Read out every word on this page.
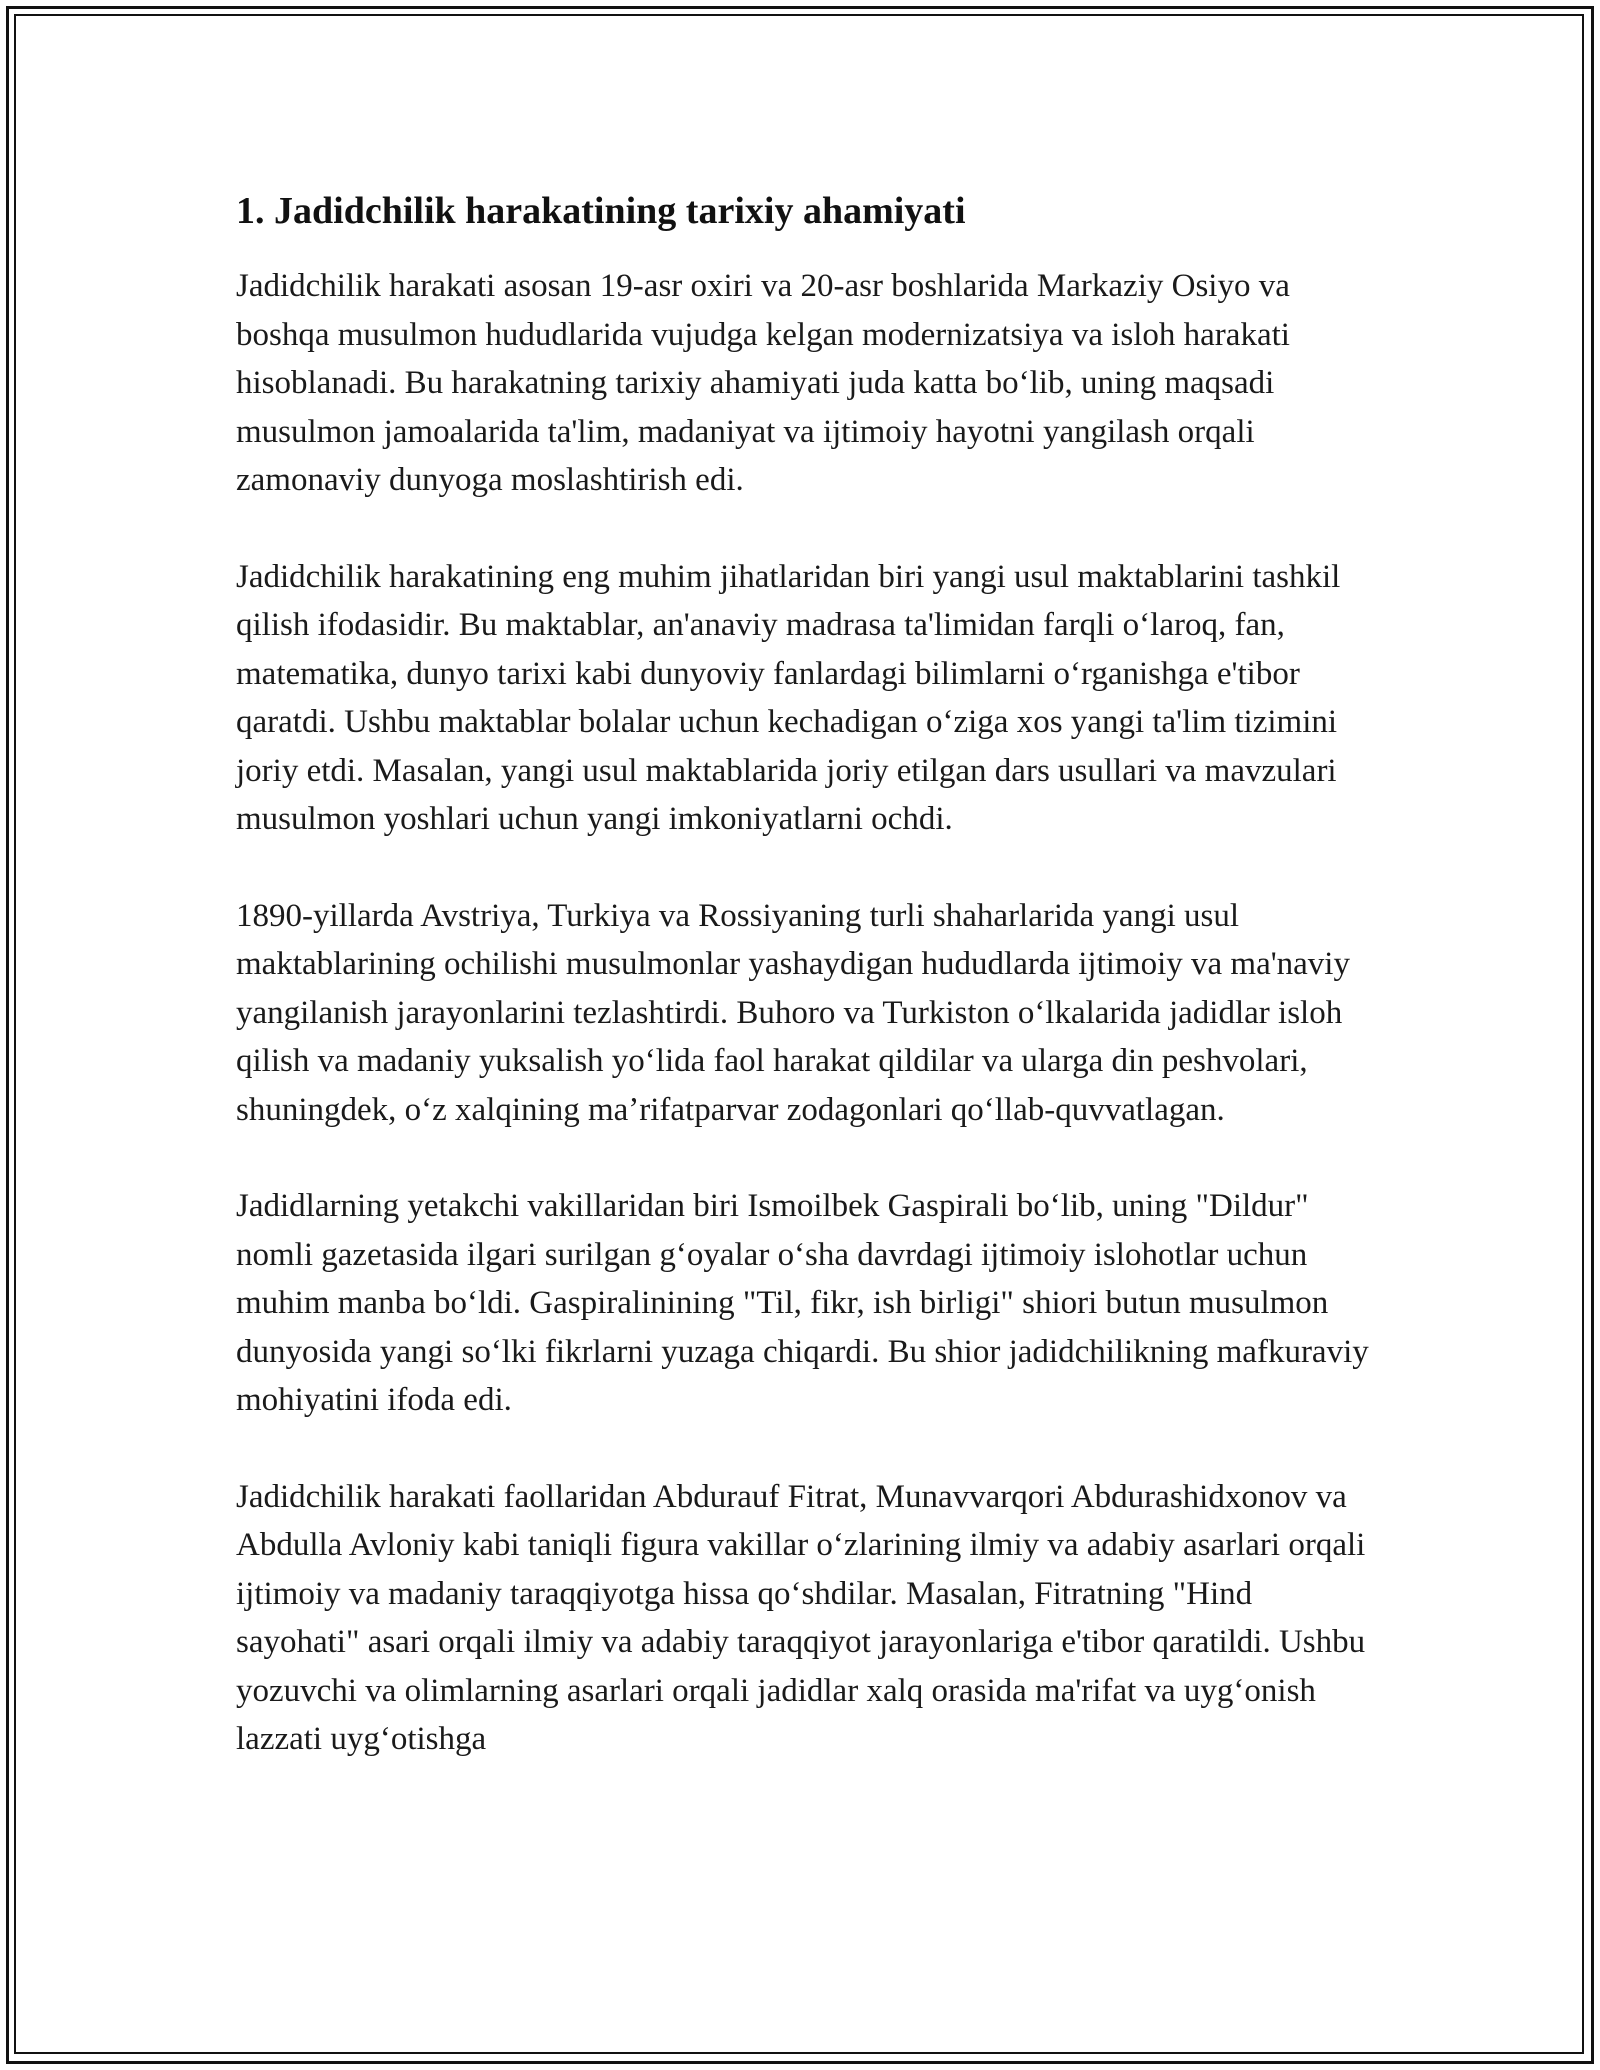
1. Jadidchilik harakatining tarixiy ahamiyati

Jadidchilik harakati asosan 19-asr oxiri va 20-asr boshlarida Markaziy Osiyo va boshqa musulmon hududlarida vujudga kelgan modernizatsiya va isloh harakati hisoblanadi. Bu harakatning tarixiy ahamiyati juda katta boʻlib, uning maqsadi musulmon jamoalarida ta'lim, madaniyat va ijtimoiy hayotni yangilash orqali zamonaviy dunyoga moslashtirish edi.

Jadidchilik harakatining eng muhim jihatlaridan biri yangi usul maktablarini tashkil qilish ifodasidir. Bu maktablar, an'anaviy madrasa ta'limidan farqli oʻlaroq, fan, matematika, dunyo tarixi kabi dunyoviy fanlardagi bilimlarni oʻrganishga e'tibor qaratdi. Ushbu maktablar bolalar uchun kechadigan oʻziga xos yangi ta'lim tizimini joriy etdi. Masalan, yangi usul maktablarida joriy etilgan dars usullari va mavzulari musulmon yoshlari uchun yangi imkoniyatlarni ochdi.

1890-yillarda Avstriya, Turkiya va Rossiyaning turli shaharlarida yangi usul maktablarining ochilishi musulmonlar yashaydigan hududlarda ijtimoiy va ma'naviy yangilanish jarayonlarini tezlashtirdi. Buhoro va Turkiston oʻlkalarida jadidlar isloh qilish va madaniy yuksalish yoʻlida faol harakat qildilar va ularga din peshvolari, shuningdek, oʻz xalqining maʼrifatparvar zodagonlari qoʻllab-quvvatlagan.

Jadidlarning yetakchi vakillaridan biri Ismoilbek Gaspirali boʻlib, uning "Dildur" nomli gazetasida ilgari surilgan gʻoyalar oʻsha davrdagi ijtimoiy islohotlar uchun muhim manba boʻldi. Gaspiralinining "Til, fikr, ish birligi" shiori butun musulmon dunyosida yangi soʻlki fikrlarni yuzaga chiqardi. Bu shior jadidchilikning mafkuraviy mohiyatini ifoda edi.

Jadidchilik harakati faollaridan Abdurauf Fitrat, Munavvarqori Abdurashidxonov va Abdulla Avloniy kabi taniqli figura vakillar oʻzlarining ilmiy va adabiy asarlari orqali ijtimoiy va madaniy taraqqiyotga hissa qoʻshdilar. Masalan, Fitratning "Hind sayohati" asari orqali ilmiy va adabiy taraqqiyot jarayonlariga e'tibor qaratildi. Ushbu yozuvchi va olimlarning asarlari orqali jadidlar xalq orasida ma'rifat va uygʻonish lazzati uygʻotishga
